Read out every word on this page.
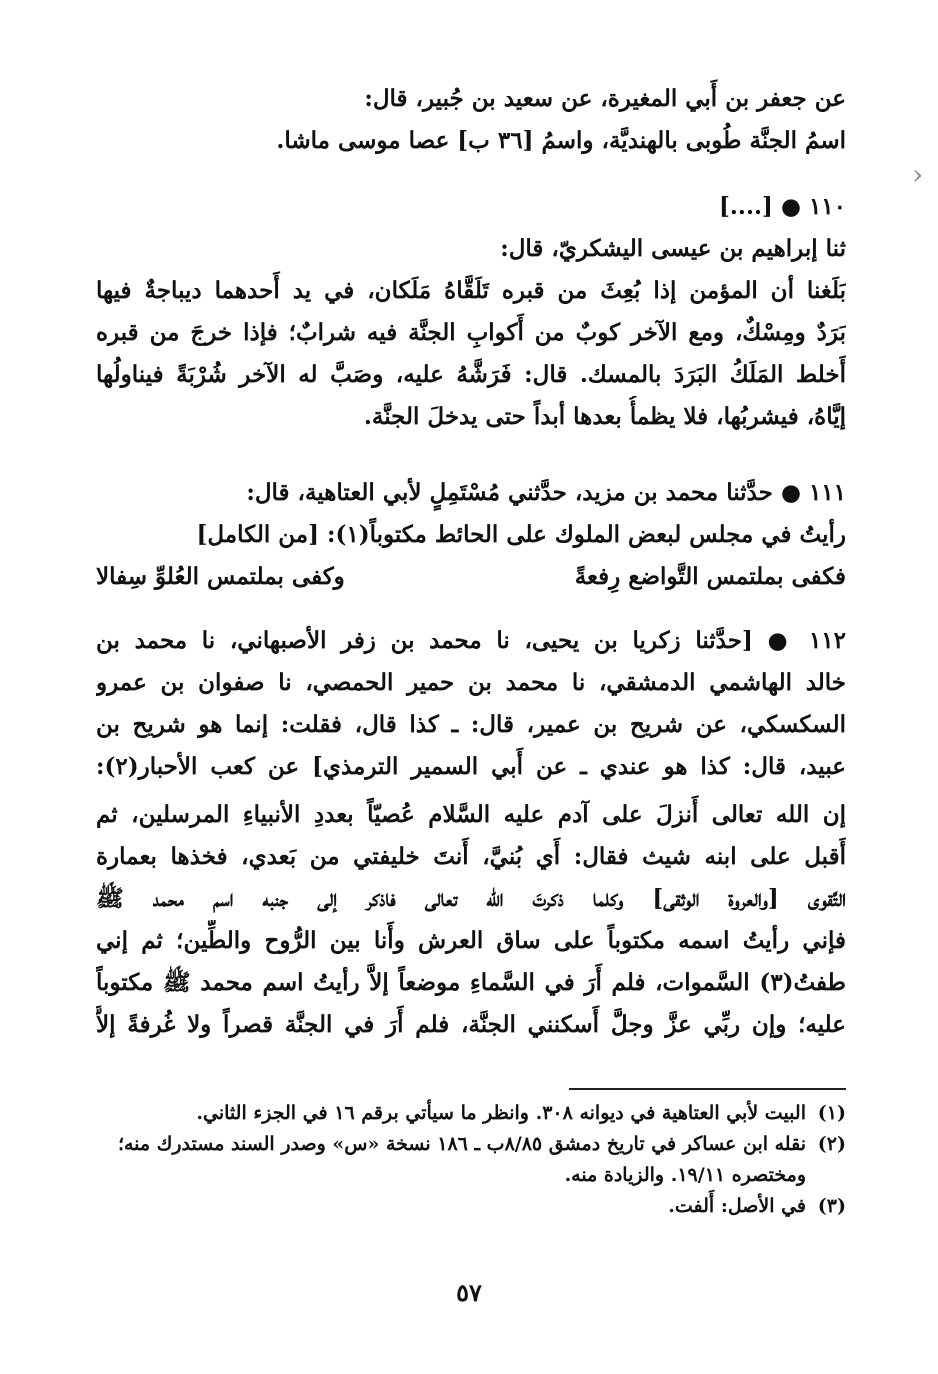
عن جعفر بن أَبي المغيرة، عن سعيد بن جُبير، قال:
اسمُ الجنَّة طُوبى بالهنديَّة، واسمُ [٣٦ ب] عصا موسى ماشا.
١١٠ ● [....]
ثنا إبراهيم بن عيسى اليشكريّ، قال:
بَلَغنا أن المؤمن إذا بُعِثَ من قبره تَلَقَّاهُ مَلَكان، في يد أَحدهما ديباجةٌ فيها
بَرَدٌ ومِسْكٌ، ومع الآخر كوبٌ من أَكوابِ الجنَّة فيه شرابٌ؛ فإذا خرجَ من قبره
أَخلط المَلَكُ البَرَدَ بالمسك. قال: فَرَشَّهُ عليه، وصَبَّ له الآخر شُرْبَةً فيناولُها
إيَّاهُ، فيشربُها، فلا يظمأُ بعدها أبداً حتى يدخلَ الجنَّة.
١١١ ● حدَّثنا محمد بن مزيد، حدَّثني مُسْتَمِلٍ لأبي العتاهية، قال:
رأيتُ في مجلس لبعض الملوك على الحائط مكتوباً(١): [من الكامل]
فكفى بملتمس التَّواضع رِفعةً
وكفى بملتمس العُلوِّ سِفالا
١١٢ ● [حدَّثنا زكريا بن يحيى، نا محمد بن زفر الأصبهاني، نا محمد بن
خالد الهاشمي الدمشقي، نا محمد بن حمير الحمصي، نا صفوان بن عمرو
السكسكي، عن شريح بن عمير، قال: ـ كذا قال، فقلت: إنما هو شريح بن
عبيد، قال: كذا هو عندي ـ عن أَبي السمير الترمذي] عن كعب الأحبار(٢):
إن الله تعالى أَنزلَ على آدم عليه السَّلام عُصيّاً بعددِ الأنبياءِ المرسلين، ثم
أَقبل على ابنه شيث فقال: أَي بُنيَّ، أَنتَ خليفتي من بَعدي، فخذها بعمارة
التَّقوى [والعروة الوثقى] وكلما ذكرتَ الله تعالى فاذكر إلى جنبه اسم محمد ﷺ
فإني رأيتُ اسمه مكتوباً على ساق العرش وأَنا بين الرُّوح والطِّين؛ ثم إني
طفتُ(٣) السَّموات، فلم أَرَ في السَّماءِ موضعاً إلاَّ رأيتُ اسم محمد ﷺ مكتوباً
عليه؛ وإن ربِّي عزَّ وجلَّ أَسكنني الجنَّة، فلم أَرَ في الجنَّة قصراً ولا غُرفةً إلاَّ
(١)
البيت لأبي العتاهية في ديوانه ٣٠٨. وانظر ما سيأتي برقم ١٦ في الجزء الثاني.
(٢)
نقله ابن عساكر في تاريخ دمشق ٨/٨٥ب ـ ١٨٦ نسخة «س» وصدر السند مستدرك منه؛ ومختصره ١٩/١١. والزيادة منه.
(٣)
في الأصل: أَلفت.
٥٧
‹
